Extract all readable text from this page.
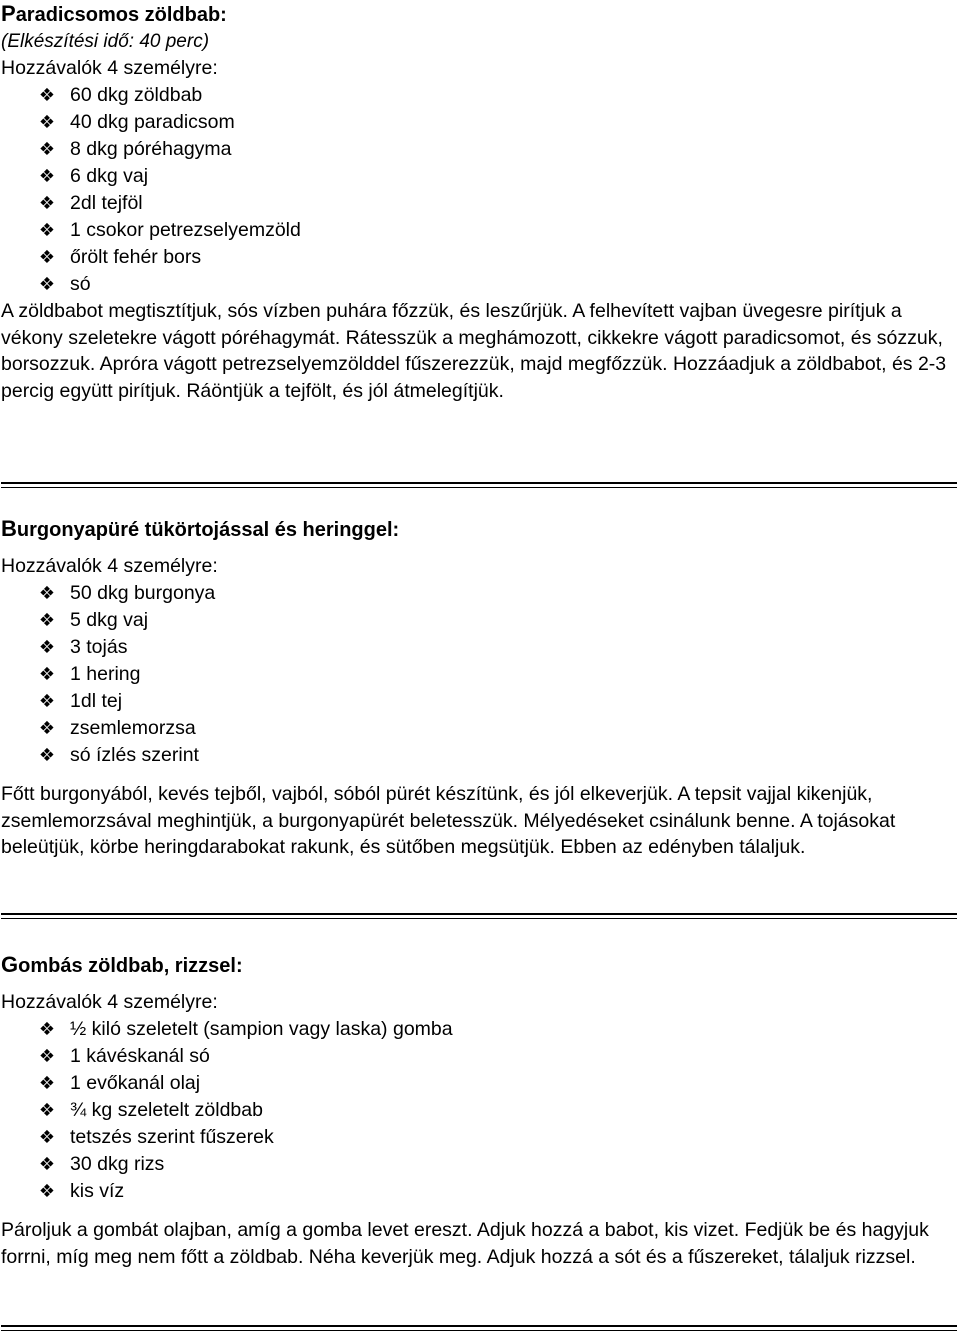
Paradicsomos zöldbab:

(Elkészítési idő: 40 perc)

Hozzávalók 4 személyre:

❖ 60 dkg zöldbab
❖ 40 dkg paradicsom
❖ 8 dkg póréhagyma
❖ 6 dkg vaj
❖ 2dl tejföl
❖ 1 csokor petrezselyemzöld
❖ őrölt fehér bors
❖ só

A zöldbabot megtisztítjuk, sós vízben puhára főzzük, és leszűrjük. A felhevített vajban üvegesre pirítjuk a vékony szeletekre vágott póréhagymát. Rátesszük a meghámozott, cikkekre vágott paradicsomot, és sózzuk, borsozzuk. Apróra vágott petrezselyemzölddel fűszerezzük, majd megfőzzük. Hozzáadjuk a zöldbabot, és 2-3 percig együtt pirítjuk. Ráöntjük a tejfölt, és jól átmelegítjük.

Burgonyapüré tükörtojással és heringgel:

Hozzávalók 4 személyre:

❖ 50 dkg burgonya
❖ 5 dkg vaj
❖ 3 tojás
❖ 1 hering
❖ 1dl tej
❖ zsemlemorzsa
❖ só ízlés szerint

Főtt burgonyából, kevés tejből, vajból, sóból pürét készítünk, és jól elkeverjük. A tepsit vajjal kikenjük, zsemlemorzsával meghintjük, a burgonyapürét beletesszük. Mélyedéseket csinálunk benne. A tojásokat beleütjük, körbe heringdarabokat rakunk, és sütőben megsütjük. Ebben az edényben tálaljuk.

Gombás zöldbab, rizzsel:

Hozzávalók 4 személyre:

❖ ½ kiló szeletelt (sampion vagy laska) gomba
❖ 1 kávéskanál só
❖ 1 evőkanál olaj
❖ ¾ kg szeletelt zöldbab
❖ tetszés szerint fűszerek
❖ 30 dkg rizs
❖ kis víz

Pároljuk a gombát olajban, amíg a gomba levet ereszt. Adjuk hozzá a babot, kis vizet. Fedjük be és hagyjuk forrni, míg meg nem főtt a zöldbab. Néha keverjük meg. Adjuk hozzá a sót és a fűszereket, tálaljuk rizzsel.
